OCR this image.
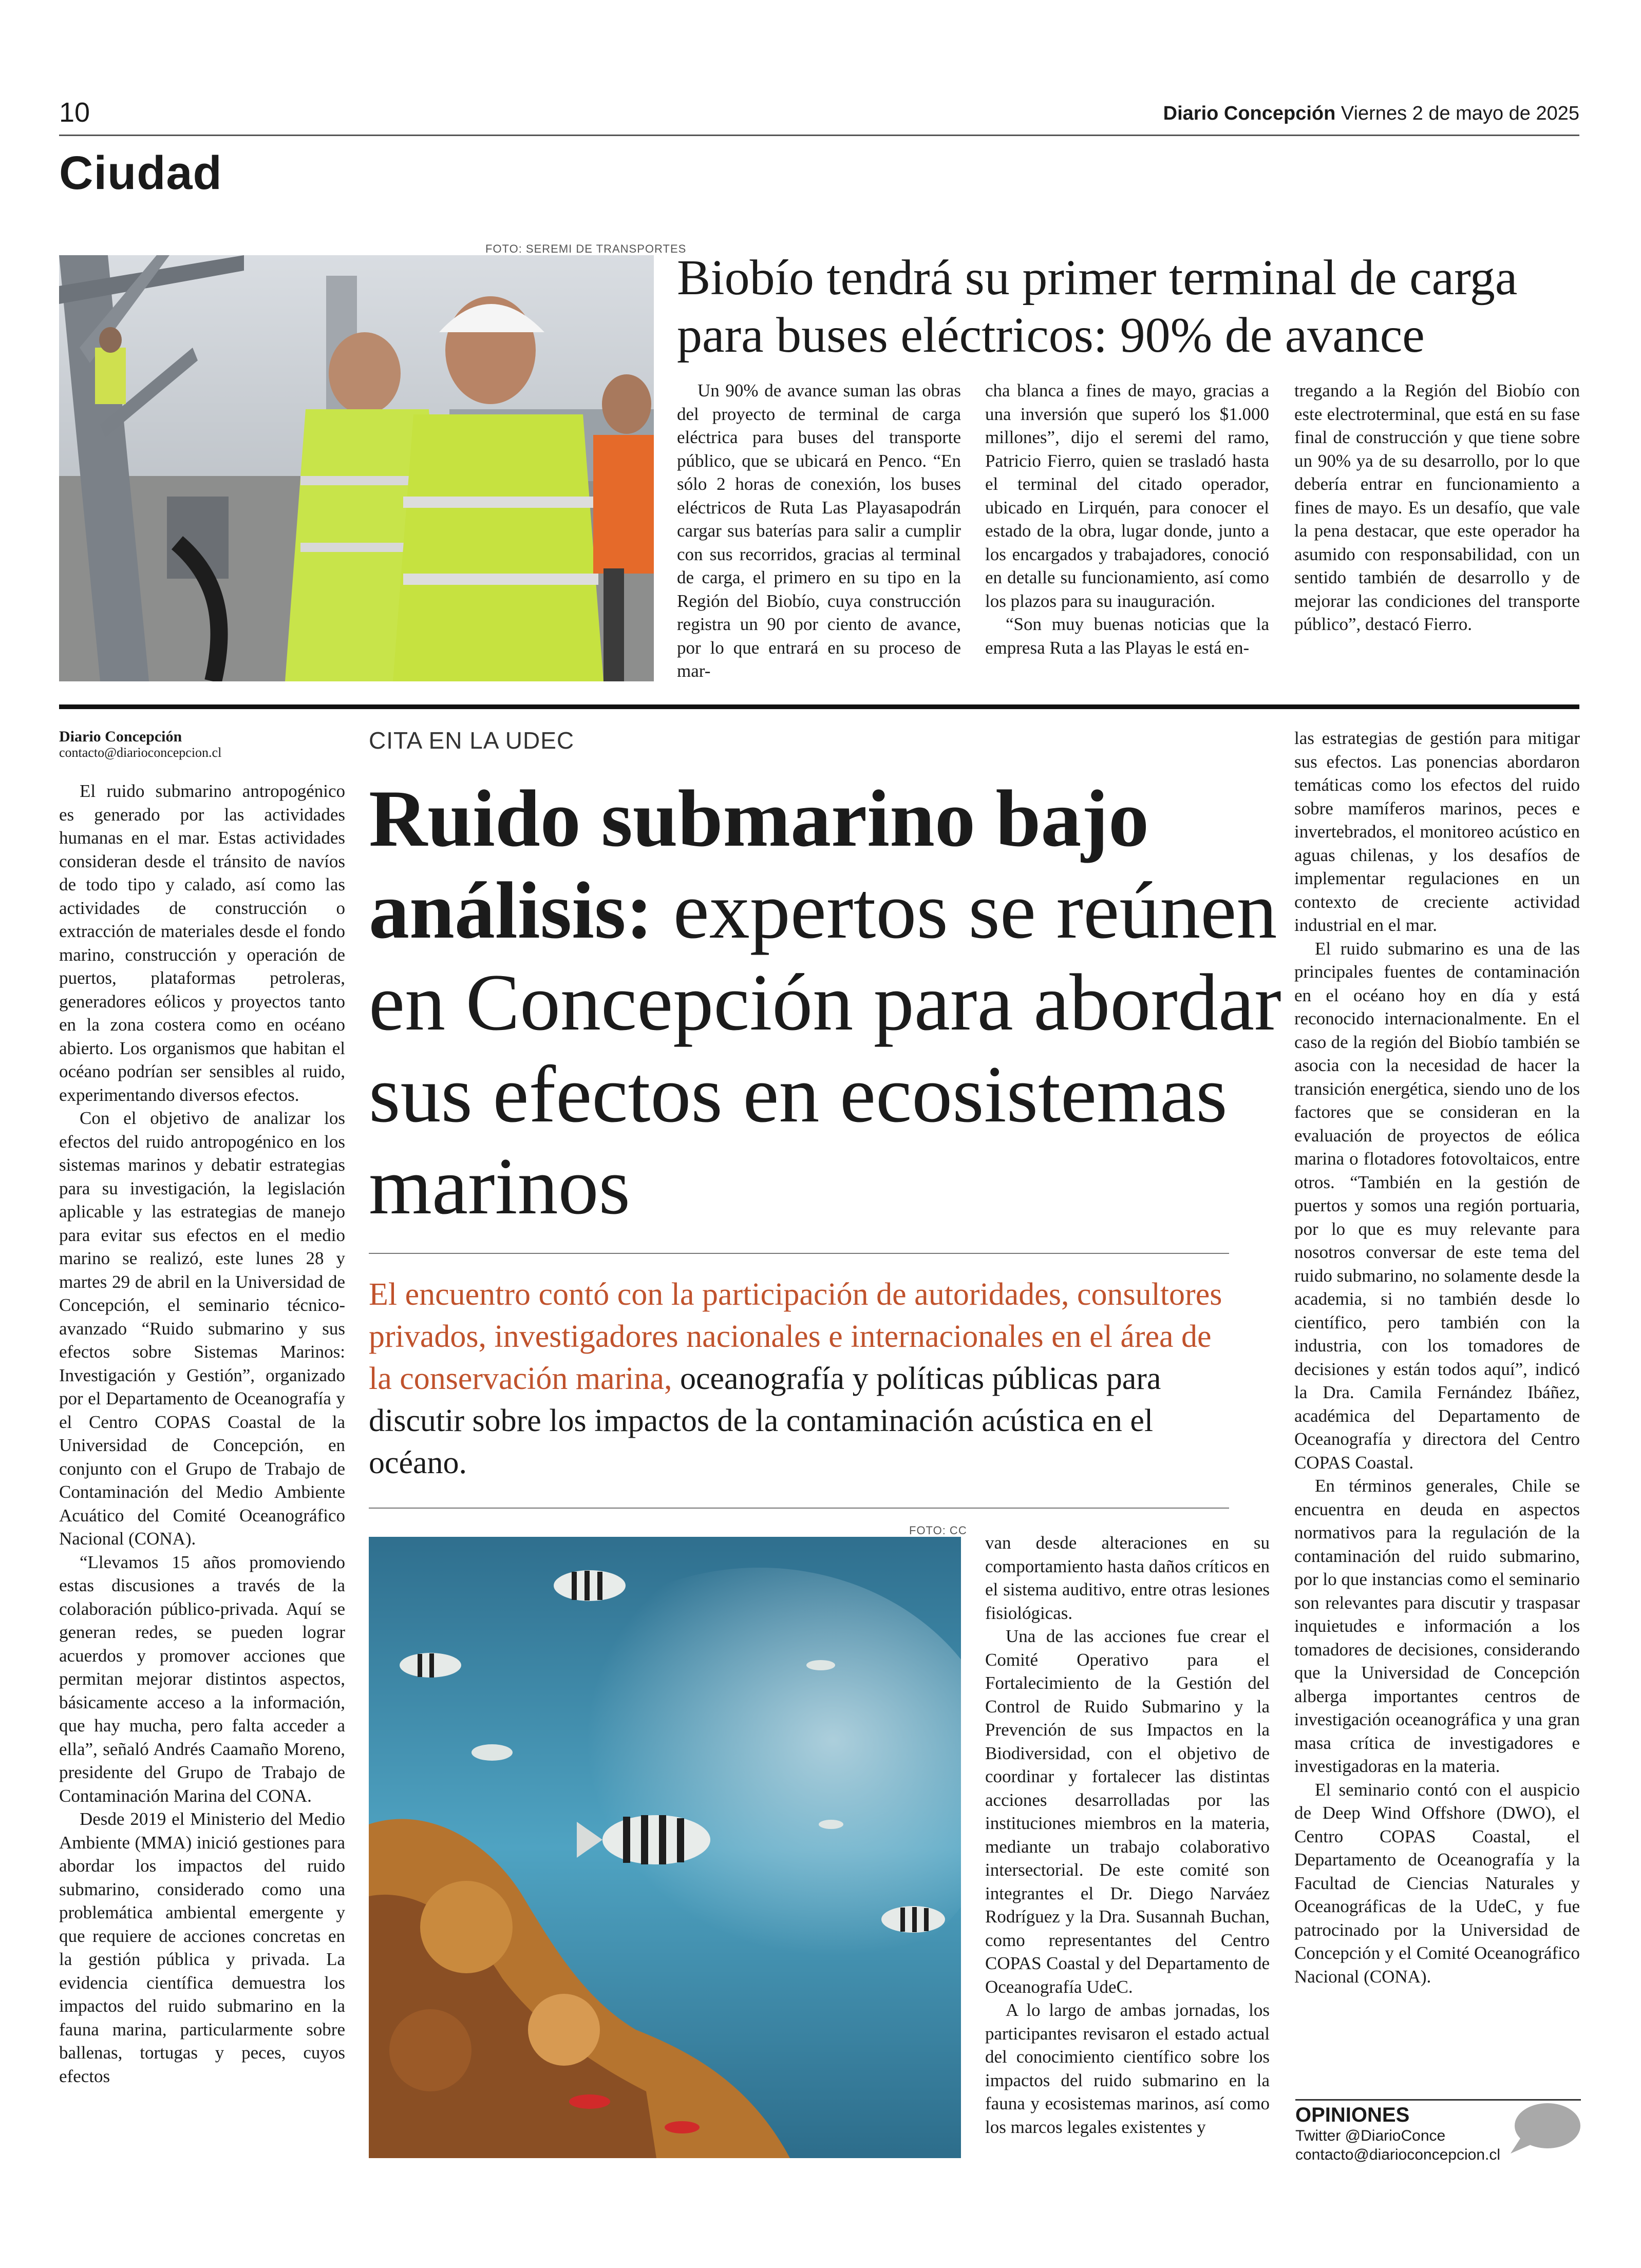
10	Diario Concepción Viernes 2 de mayo de 2025
Ciudad
FOTO: SEREMI DE TRANSPORTES
Biobío tendrá su primer terminal de carga para buses eléctricos: 90% de avance

Un 90% de avance suman las obras del proyecto de terminal de carga eléctrica para buses del transporte público, que se ubicará en Penco. “En sólo 2 horas de conexión, los buses eléctricos de Ruta Las Playasapodrán cargar sus baterías para salir a cumplir con sus recorridos, gracias al terminal de carga, el primero en su tipo en la Región del Biobío, cuya construcción registra un 90 por ciento de avance, por lo que entrará en su proceso de mar-

cha blanca a fines de mayo, gracias a una inversión que superó los $1.000 millones”, dijo el seremi del ramo, Patricio Fierro, quien se trasladó hasta el terminal del citado operador, ubicado en Lirquén, para conocer el estado de la obra, lugar donde, junto a los encargados y trabajadores, conoció en detalle su funcionamiento, así como los plazos para su inauguración.

“Son muy buenas noticias que la empresa Ruta a las Playas le está en-

tregando a la Región del Biobío con este electroterminal, que está en su fase final de construcción y que tiene sobre un 90% ya de su desarrollo, por lo que debería entrar en funcionamiento a fines de mayo. Es un desafío, que vale la pena destacar, que este operador ha asumido con responsabilidad, con un sentido también de desarrollo y de mejorar las condiciones del transporte público”, destacó Fierro.

Diario Concepción
contacto@diarioconcepcion.cl	CITA EN LA UDEC
Ruido submarino bajo análisis: expertos se reúnen en Concepción para abordar sus efectos en ecosistemas marinos

El encuentro contó con la participación de autoridades, consultores privados, investigadores nacionales e internacionales en el área de la conservación marina, oceanografía y políticas públicas para discutir sobre los impactos de la contaminación acústica en el océano.

El ruido submarino antropogénico es generado por las actividades humanas en el mar. Estas actividades consideran desde el tránsito de navíos de todo tipo y calado, así como las actividades de construcción o extracción de materiales desde el fondo marino, construcción y operación de puertos, plataformas petroleras, generadores eólicos y proyectos tanto en la zona costera como en océano abierto. Los organismos que habitan el océano podrían ser sensibles al ruido, experimentando diversos efectos.

Con el objetivo de analizar los efectos del ruido antropogénico en los sistemas marinos y debatir estrategias para su investigación, la legislación aplicable y las estrategias de manejo para evitar sus efectos en el medio marino se realizó, este lunes 28 y martes 29 de abril en la Universidad de Concepción, el seminario técnico-avanzado “Ruido submarino y sus efectos sobre Sistemas Marinos: Investigación y Gestión”, organizado por el Departamento de Oceanografía y el Centro COPAS Coastal de la Universidad de Concepción, en conjunto con el Grupo de Trabajo de Contaminación del Medio Ambiente Acuático del Comité Oceanográfico Nacional (CONA).

“Llevamos 15 años promoviendo estas discusiones a través de la colaboración público-privada. Aquí se generan redes, se pueden lograr acuerdos y promover acciones que permitan mejorar distintos aspectos, básicamente acceso a la información, que hay mucha, pero falta acceder a ella”, señaló Andrés Caamaño Moreno, presidente del Grupo de Trabajo de Contaminación Marina del CONA.

Desde 2019 el Ministerio del Medio Ambiente (MMA) inició gestiones para abordar los impactos del ruido submarino, considerado como una problemática ambiental emergente y que requiere de acciones concretas en la gestión pública y privada. La evidencia científica demuestra los impactos del ruido submarino en la fauna marina, particularmente sobre ballenas, tortugas y peces, cuyos efectos

FOTO: CC

van desde alteraciones en su comportamiento hasta daños críticos en el sistema auditivo, entre otras lesiones fisiológicas.

Una de las acciones fue crear el Comité Operativo para el Fortalecimiento de la Gestión del Control de Ruido Submarino y la Prevención de sus Impactos en la Biodiversidad, con el objetivo de coordinar y fortalecer las distintas acciones desarrolladas por las instituciones miembros en la materia, mediante un trabajo colaborativo intersectorial. De este comité son integrantes el Dr. Diego Narváez Rodríguez y la Dra. Susannah Buchan, como representantes del Centro COPAS Coastal y del Departamento de Oceanografía UdeC.

A lo largo de ambas jornadas, los participantes revisaron el estado actual del conocimiento científico sobre los impactos del ruido submarino en la fauna y ecosistemas marinos, así como los marcos legales existentes y

las estrategias de gestión para mitigar sus efectos. Las ponencias abordaron temáticas como los efectos del ruido sobre mamíferos marinos, peces e invertebrados, el monitoreo acústico en aguas chilenas, y los desafíos de implementar regulaciones en un contexto de creciente actividad industrial en el mar.

El ruido submarino es una de las principales fuentes de contaminación en el océano hoy en día y está reconocido internacionalmente. En el caso de la región del Biobío también se asocia con la necesidad de hacer la transición energética, siendo uno de los factores que se consideran en la evaluación de proyectos de eólica marina o flotadores fotovoltaicos, entre otros. “También en la gestión de puertos y somos una región portuaria, por lo que es muy relevante para nosotros conversar de este tema del ruido submarino, no solamente desde la academia, si no también desde lo científico, pero también con la industria, con los tomadores de decisiones y están todos aquí”, indicó la Dra. Camila Fernández Ibáñez, académica del Departamento de Oceanografía y directora del Centro COPAS Coastal.

En términos generales, Chile se encuentra en deuda en aspectos normativos para la regulación de la contaminación del ruido submarino, por lo que instancias como el seminario son relevantes para discutir y traspasar inquietudes e información a los tomadores de decisiones, considerando que la Universidad de Concepción alberga importantes centros de investigación oceanográfica y una gran masa crítica de investigadores e investigadoras en la materia.

El seminario contó con el auspicio de Deep Wind Offshore (DWO), el Centro COPAS Coastal, el Departamento de Oceanografía y la Facultad de Ciencias Naturales y Oceanográficas de la UdeC, y fue patrocinado por la Universidad de Concepción y el Comité Oceanográfico Nacional (CONA).

OPINIONES
Twitter @DiarioConce
contacto@diarioconcepcion.cl
